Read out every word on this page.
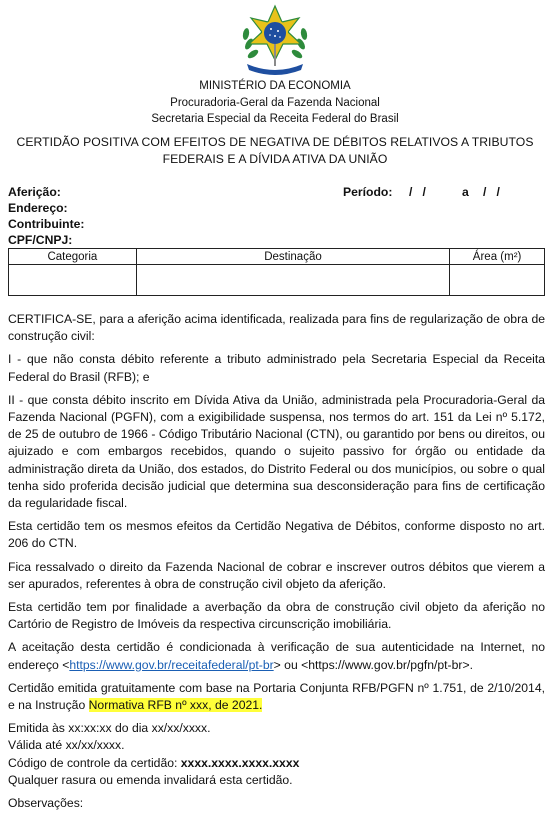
MINISTÉRIO DA ECONOMIA
Procuradoria-Geral da Fazenda Nacional
Secretaria Especial da Receita Federal do Brasil
CERTIDÃO POSITIVA COM EFEITOS DE NEGATIVA DE DÉBITOS RELATIVOS A TRIBUTOS FEDERAIS E A DÍVIDA ATIVA DA UNIÃO
Aferição:
Endereço:
Contribuinte:
CPF/CNPJ:
Período: /   /	a /   /
Categoria	Destinação	Área (m²)

CERTIFICA-SE, para a aferição acima identificada, realizada para fins de regularização de obra de construção civil:

I - que não consta débito referente a tributo administrado pela Secretaria Especial da Receita Federal do Brasil (RFB); e

II - que consta débito inscrito em Dívida Ativa da União, administrada pela Procuradoria-Geral da Fazenda Nacional (PGFN), com a exigibilidade suspensa, nos termos do art. 151 da Lei nº 5.172, de 25 de outubro de 1966 - Código Tributário Nacional (CTN), ou garantido por bens ou direitos, ou ajuizado e com embargos recebidos, quando o sujeito passivo for órgão ou entidade da administração direta da União, dos estados, do Distrito Federal ou dos municípios, ou sobre o qual tenha sido proferida decisão judicial que determina sua desconsideração para fins de certificação da regularidade fiscal.

Esta certidão tem os mesmos efeitos da Certidão Negativa de Débitos, conforme disposto no art. 206 do CTN.

Fica ressalvado o direito da Fazenda Nacional de cobrar e inscrever outros débitos que vierem a ser apurados, referentes à obra de construção civil objeto da aferição.

Esta certidão tem por finalidade a averbação da obra de construção civil objeto da aferição no Cartório de Registro de Imóveis da respectiva circunscrição imobiliária.

A aceitação desta certidão é condicionada à verificação de sua autenticidade na Internet, no endereço <https://www.gov.br/receitafederal/pt-br> ou <https://www.gov.br/pgfn/pt-br>.

Certidão emitida gratuitamente com base na Portaria Conjunta RFB/PGFN nº 1.751, de 2/10/2014, e na Instrução Normativa RFB nº xxx, de 2021.

Emitida às xx:xx:xx do dia xx/xx/xxxx.

Válida até xx/xx/xxxx.

Código de controle da certidão: xxxx.xxxx.xxxx.xxxx

Qualquer rasura ou emenda invalidará esta certidão.

Observações:
